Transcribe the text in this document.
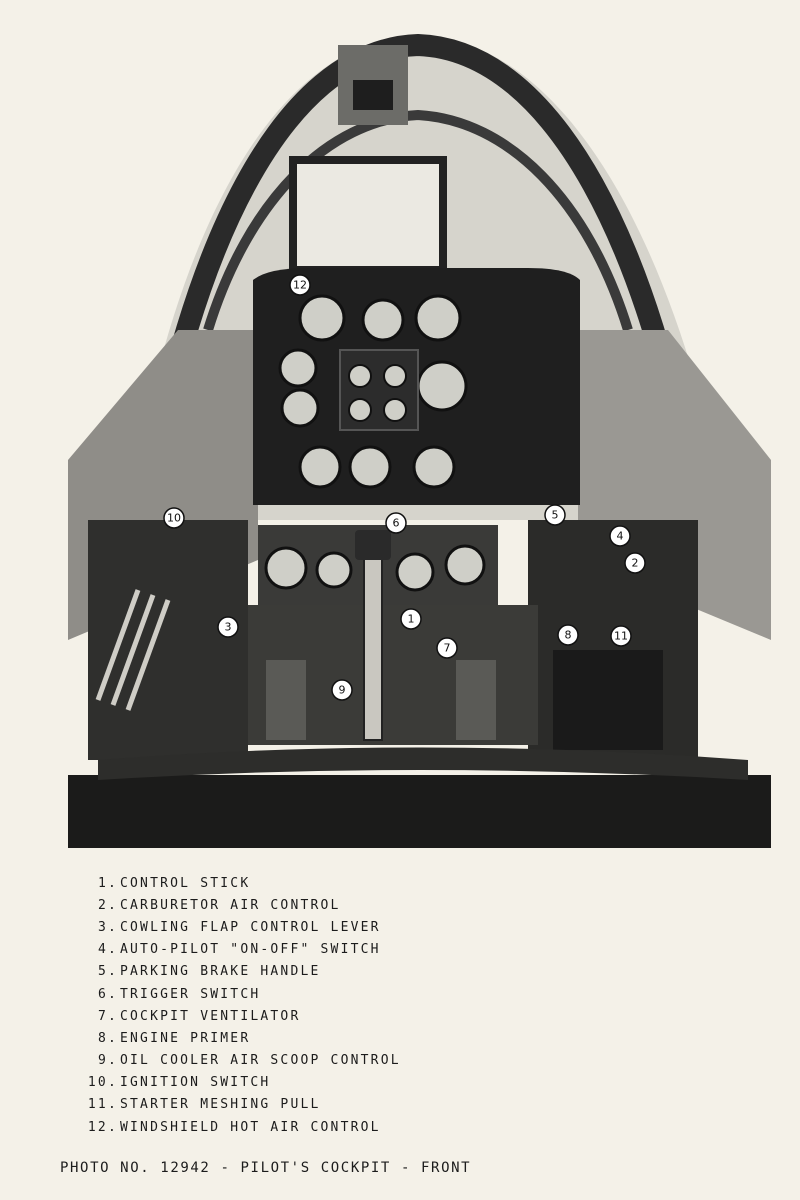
1
2
3
4
5
6
7
8
9
10
11
12
1. CONTROL STICK
2. CARBURETOR AIR CONTROL
3. COWLING FLAP CONTROL LEVER
4. AUTO-PILOT "ON-OFF" SWITCH
5. PARKING BRAKE HANDLE
6. TRIGGER SWITCH
7. COCKPIT VENTILATOR
8. ENGINE PRIMER
9. OIL COOLER AIR SCOOP CONTROL
10. IGNITION SWITCH
11. STARTER MESHING PULL
12. WINDSHIELD HOT AIR CONTROL
PHOTO NO. 12942 - PILOT'S COCKPIT - FRONT
